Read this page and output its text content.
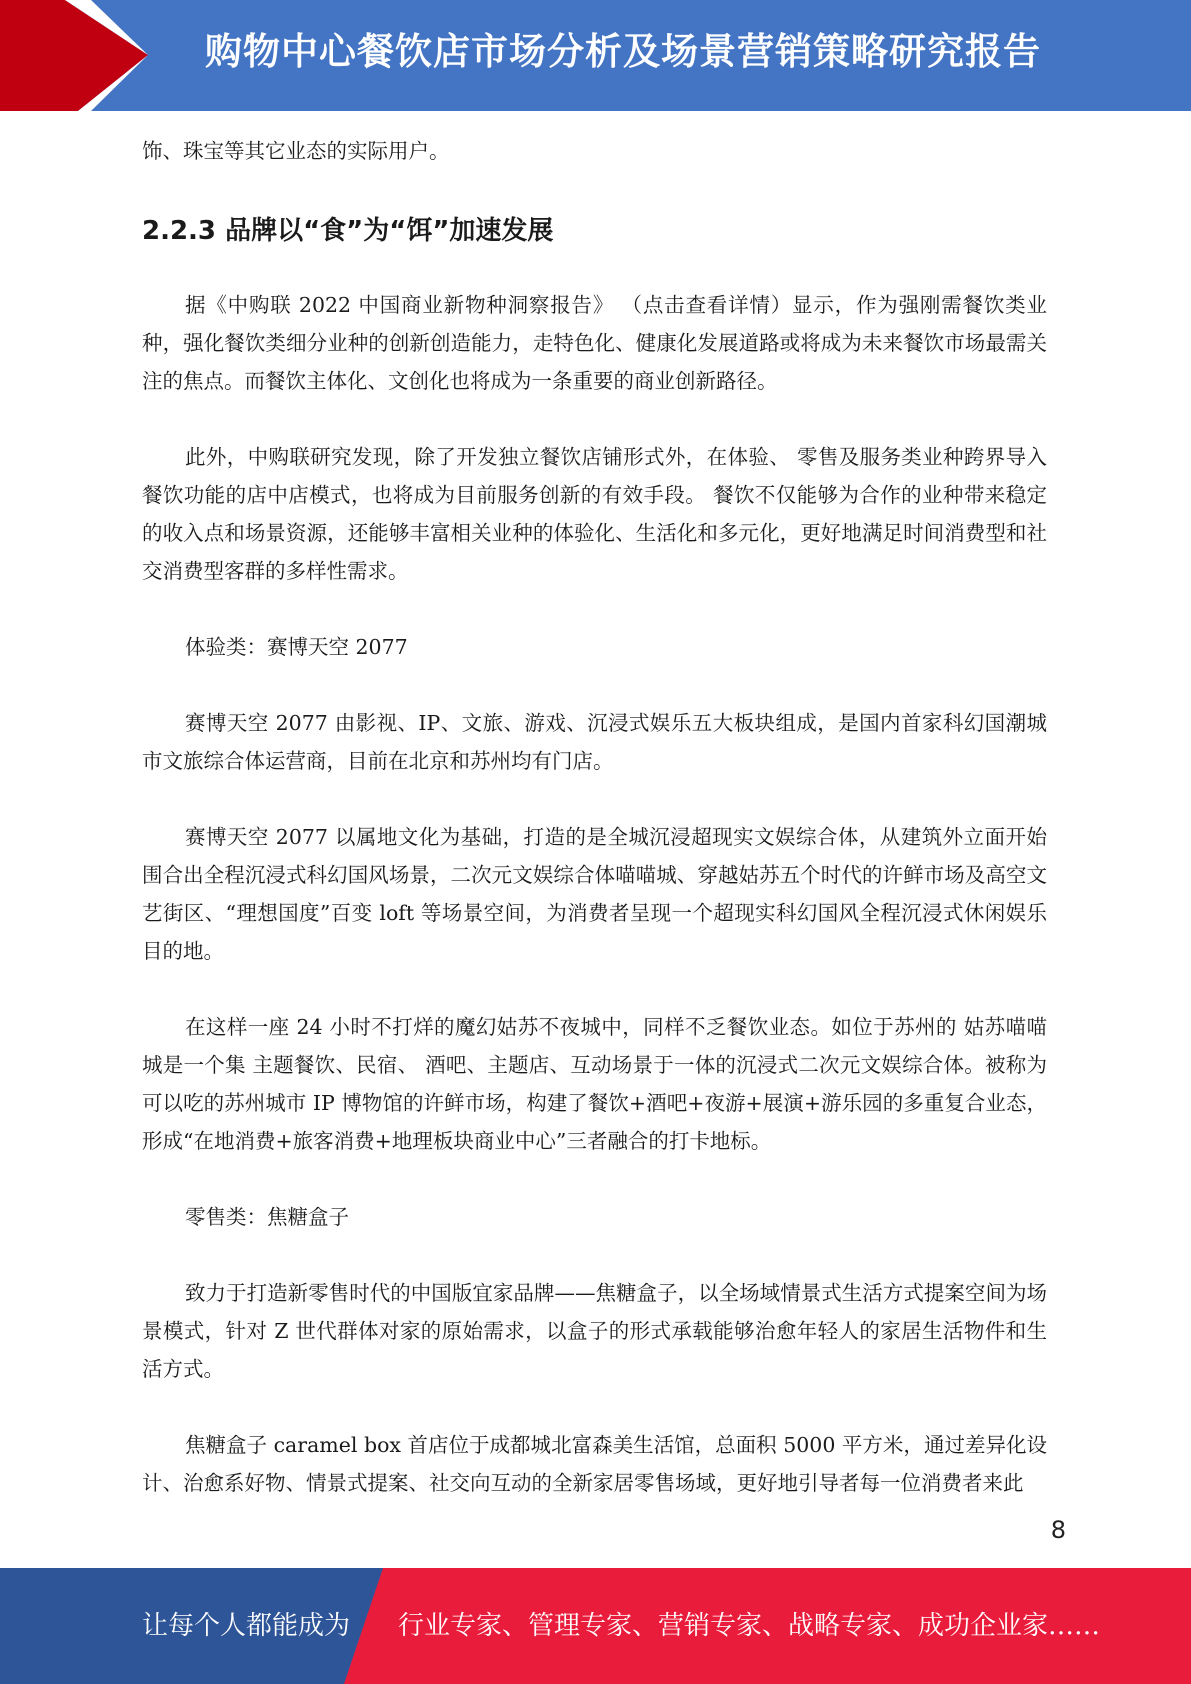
购物中心餐饮店市场分析及场景营销策略研究报告

饰、珠宝等其它业态的实际用户。

2.2.3 品牌以“食”为“饵”加速发展

据《中购联 2022 中国商业新物种洞察报告》 （点击查看详情）显示，作为强刚需餐饮类业种，强化餐饮类细分业种的创新创造能力，走特色化、健康化发展道路或将成为未来餐饮市场最需关注的焦点。而餐饮主体化、文创化也将成为一条重要的商业创新路径。

此外，中购联研究发现，除了开发独立餐饮店铺形式外，在体验、 零售及服务类业种跨界导入 餐饮功能的店中店模式，也将成为目前服务创新的有效手段。 餐饮不仅能够为合作的业种带来稳定的收入点和场景资源，还能够丰富相关业种的体验化、生活化和多元化，更好地满足时间消费型和社交消费型客群的多样性需求。

体验类：赛博天空 2077

赛博天空 2077 由影视、IP、文旅、游戏、沉浸式娱乐五大板块组成，是国内首家科幻国潮城市文旅综合体运营商，目前在北京和苏州均有门店。

赛博天空 2077 以属地文化为基础，打造的是全城沉浸超现实文娱综合体，从建筑外立面开始围合出全程沉浸式科幻国风场景，二次元文娱综合体喵喵城、穿越姑苏五个时代的许鲜市场及高空文艺街区、“理想国度”百变 loft 等场景空间，为消费者呈现一个超现实科幻国风全程沉浸式休闲娱乐目的地。

在这样一座 24 小时不打烊的魔幻姑苏不夜城中，同样不乏餐饮业态。如位于苏州的 姑苏喵喵城是一个集 主题餐饮、民宿、 酒吧、主题店、互动场景于一体的沉浸式二次元文娱综合体。被称为 可以吃的苏州城市 IP 博物馆的许鲜市场，构建了餐饮+酒吧+夜游+展演+游乐园的多重复合业态，形成“在地消费+旅客消费+地理板块商业中心”三者融合的打卡地标。

零售类：焦糖盒子

致力于打造新零售时代的中国版宜家品牌——焦糖盒子，以全场域情景式生活方式提案空间为场景模式，针对 Z 世代群体对家的原始需求，以盒子的形式承载能够治愈年轻人的家居生活物件和生活方式。

焦糖盒子 caramel box 首店位于成都城北富森美生活馆，总面积 5000 平方米，通过差异化设计、治愈系好物、情景式提案、社交向互动的全新家居零售场域，更好地引导者每一位消费者来此

8
让每个人都能成为 行业专家、管理专家、营销专家、战略专家、成功企业家……
